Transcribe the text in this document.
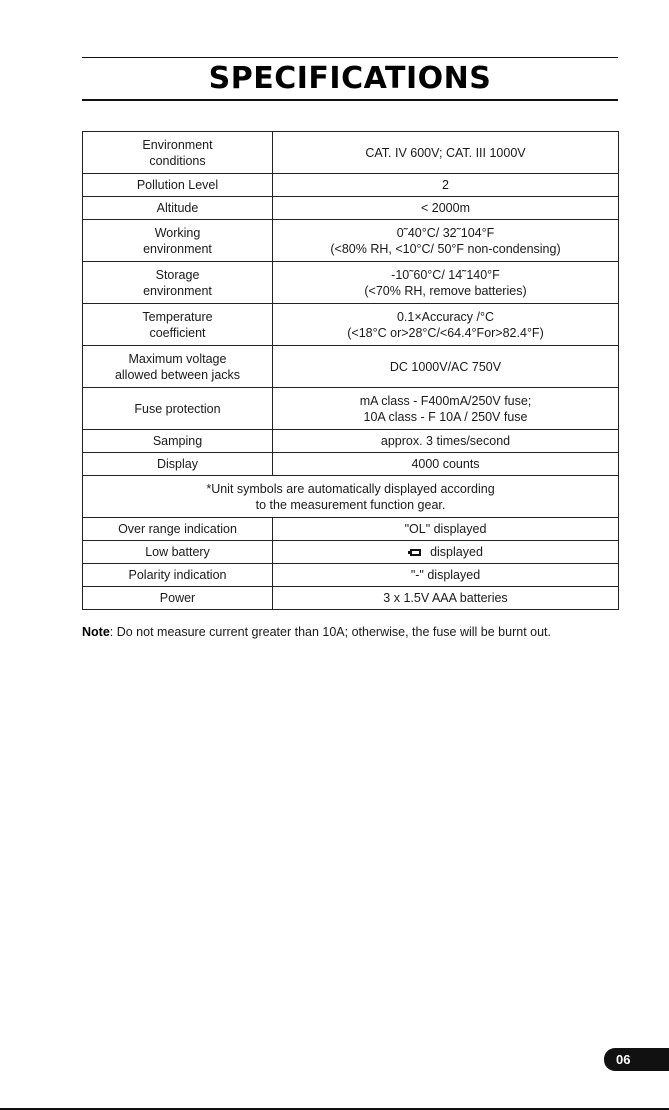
SPECIFICATIONS
Environment
conditions	CAT. IV 600V; CAT. III 1000V

Pollution Level	2

Altitude	< 2000m

Working
environment	0˜40°C/ 32˜104°F
(<80% RH, <10°C/ 50°F non-condensing)

Storage
environment	-10˜60°C/ 14˜140°F
(<70% RH, remove batteries)

Temperature
coefficient	0.1×Accuracy /°C
(<18°C or>28°C/<64.4°For>82.4°F)

Maximum voltage
allowed between jacks	DC 1000V/AC 750V

Fuse protection	mA class - F400mA/250V fuse;
10A class - F 10A / 250V fuse

Samping	approx. 3 times/second

Display	4000 counts

*Unit symbols are automatically displayed according
to the measurement function gear.	

Over range indication	"OL" displayed

Low battery	displayed

Polarity indication	"-" displayed

Power	3 x 1.5V AAA batteries
Note: Do not measure current greater than 10A; otherwise, the fuse will be burnt out.
06
